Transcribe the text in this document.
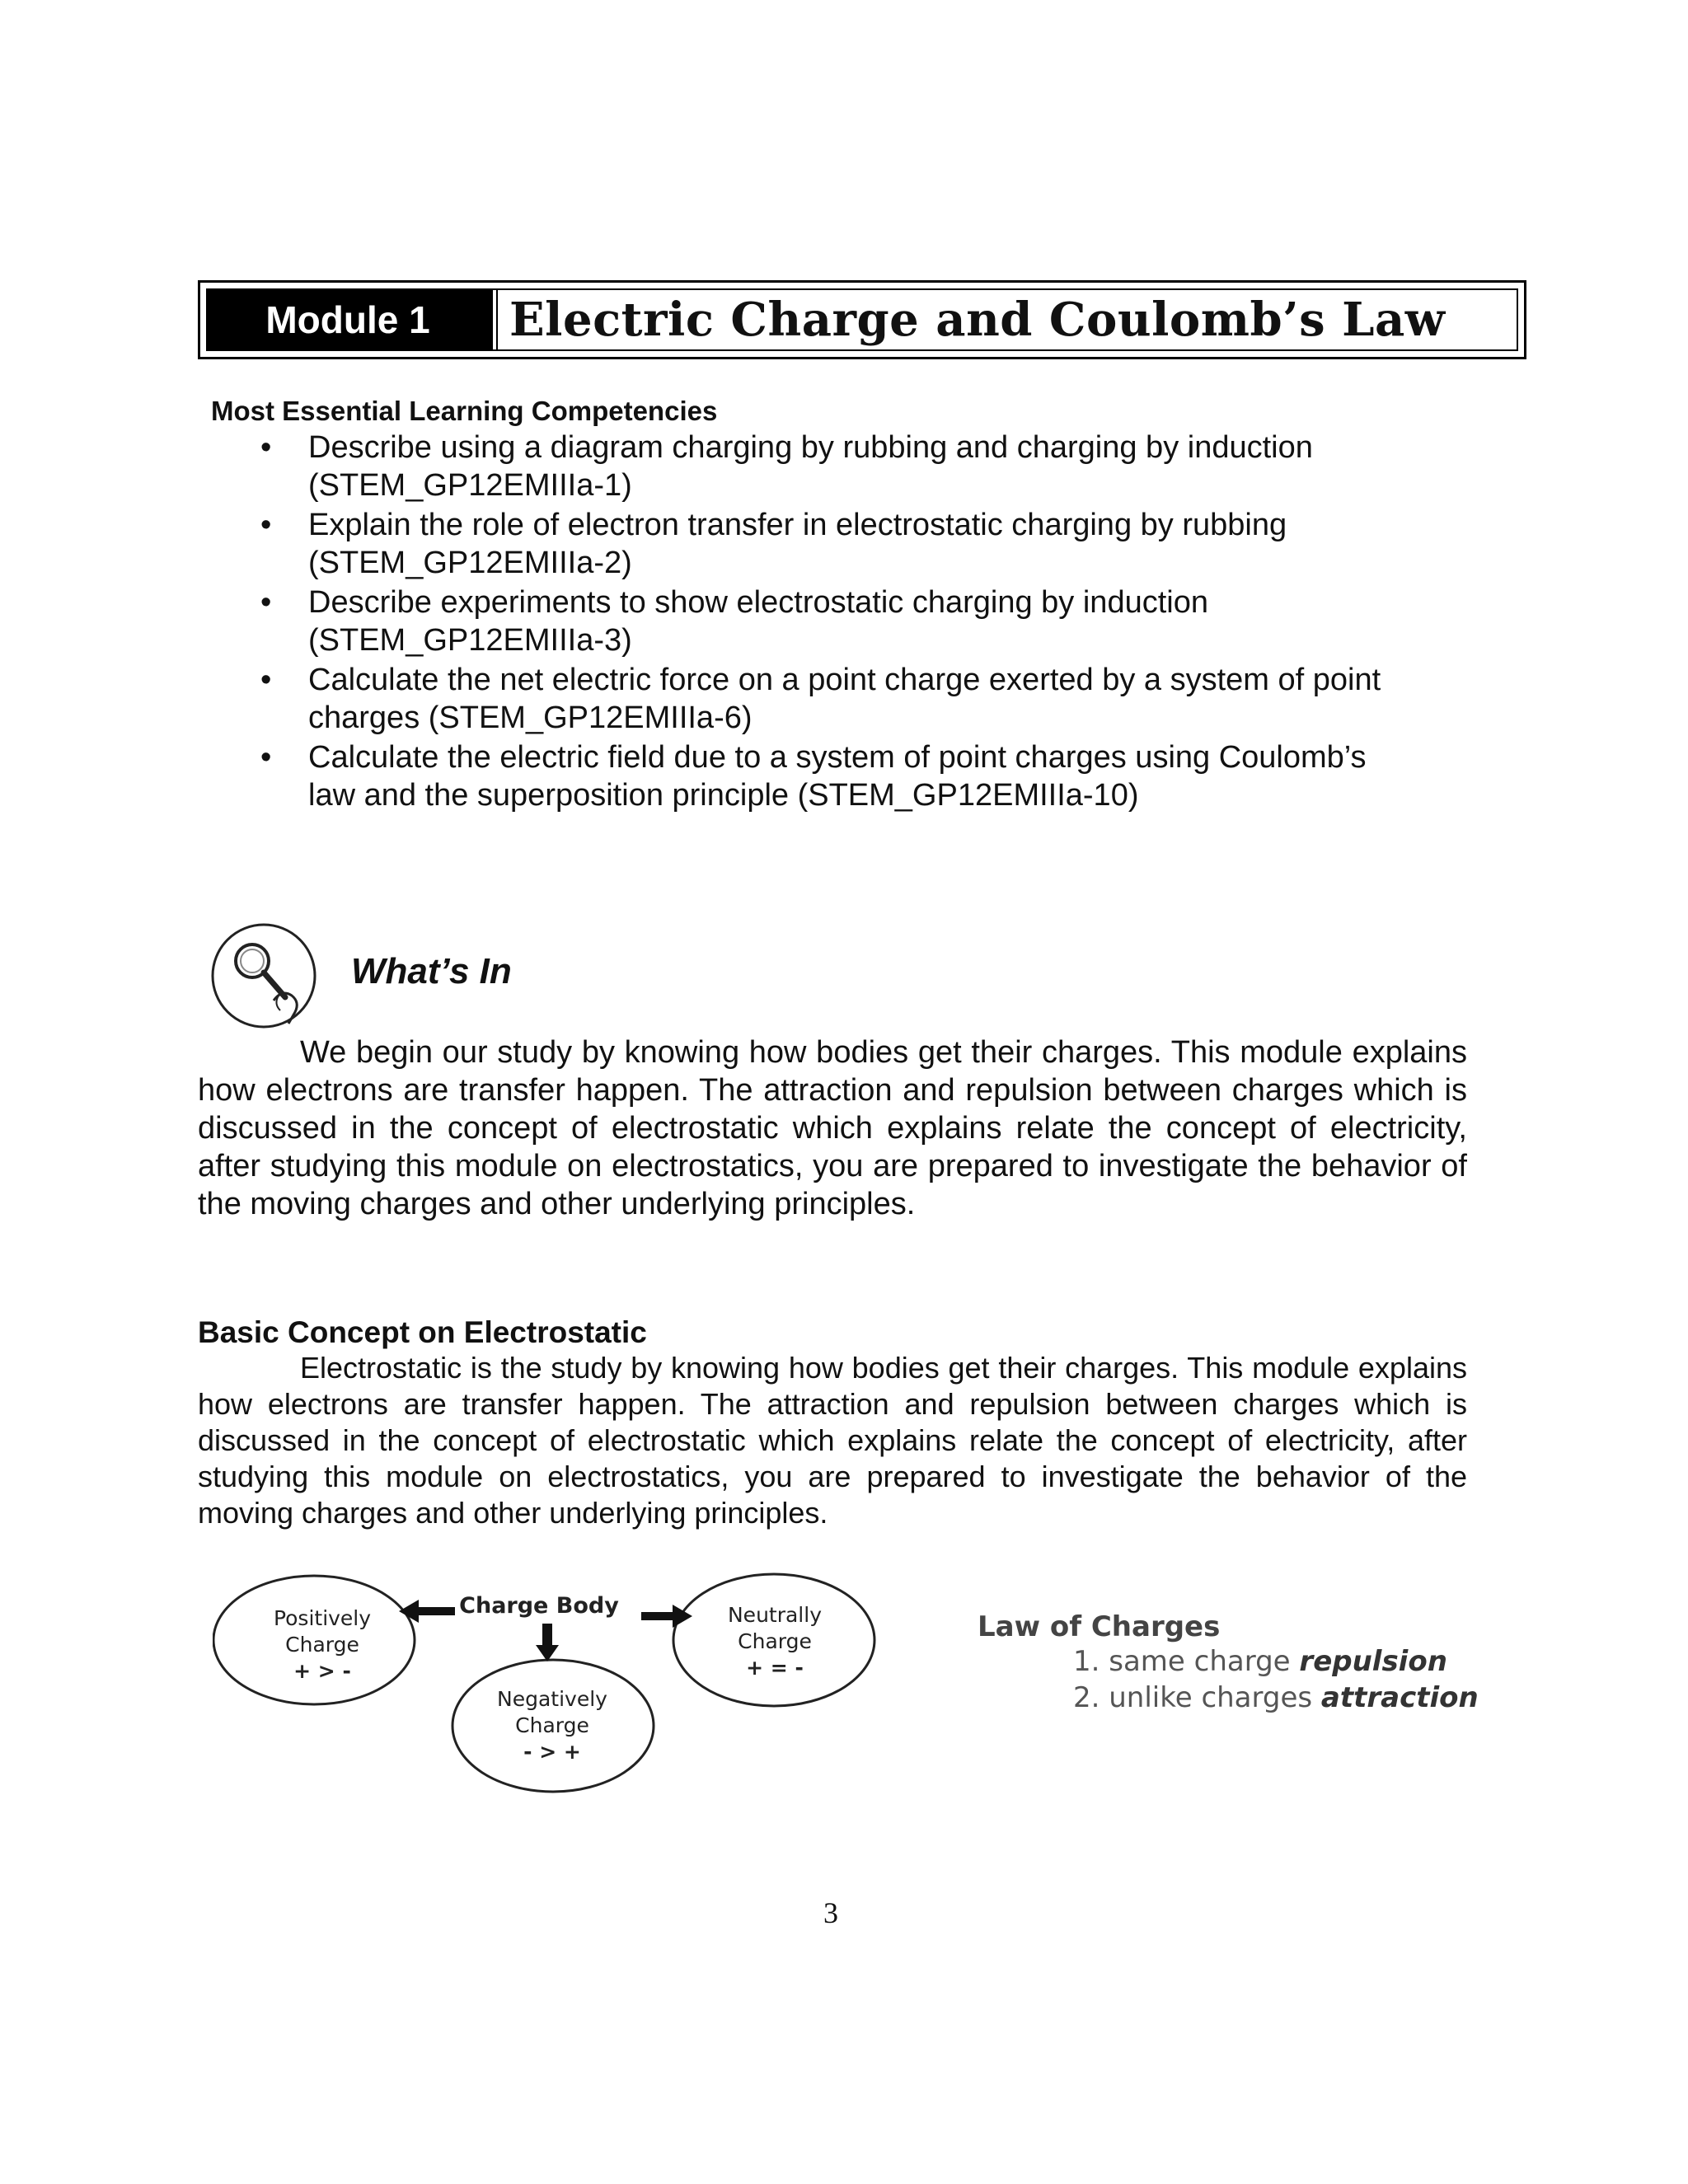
Module 1	Electric Charge and Coulomb’s Law
Most Essential Learning Competencies
• Describe using a diagram charging by rubbing and charging by induction
(STEM_GP12EMIIIa-1)
• Explain the role of electron transfer in electrostatic charging by rubbing
(STEM_GP12EMIIIa-2)
• Describe experiments to show electrostatic charging by induction
(STEM_GP12EMIIIa-3)
• Calculate the net electric force on a point charge exerted by a system of point
charges (STEM_GP12EMIIIa-6)
• Calculate the electric field due to a system of point charges using Coulomb’s
law and the superposition principle (STEM_GP12EMIIIa-10)
What’s In
We begin our study by knowing how bodies get their charges. This module explains how electrons are transfer happen. The attraction and repulsion between charges which is discussed in the concept of electrostatic which explains relate the concept of electricity, after studying this module on electrostatics, you are prepared to investigate the behavior of the moving charges and other underlying principles.
Basic Concept on Electrostatic
Electrostatic is the study by knowing how bodies get their charges. This module explains how electrons are transfer happen. The attraction and repulsion between charges which is discussed in the concept of electrostatic which explains relate the concept of electricity, after studying this module on electrostatics, you are prepared to investigate the behavior of the moving charges and other underlying principles.
Charge Body
Positively
Charge
+ > -
Negatively
Charge
- > +
Neutrally
Charge
+ = -
Law of Charges
1. same charge repulsion
2. unlike charges attraction
3
